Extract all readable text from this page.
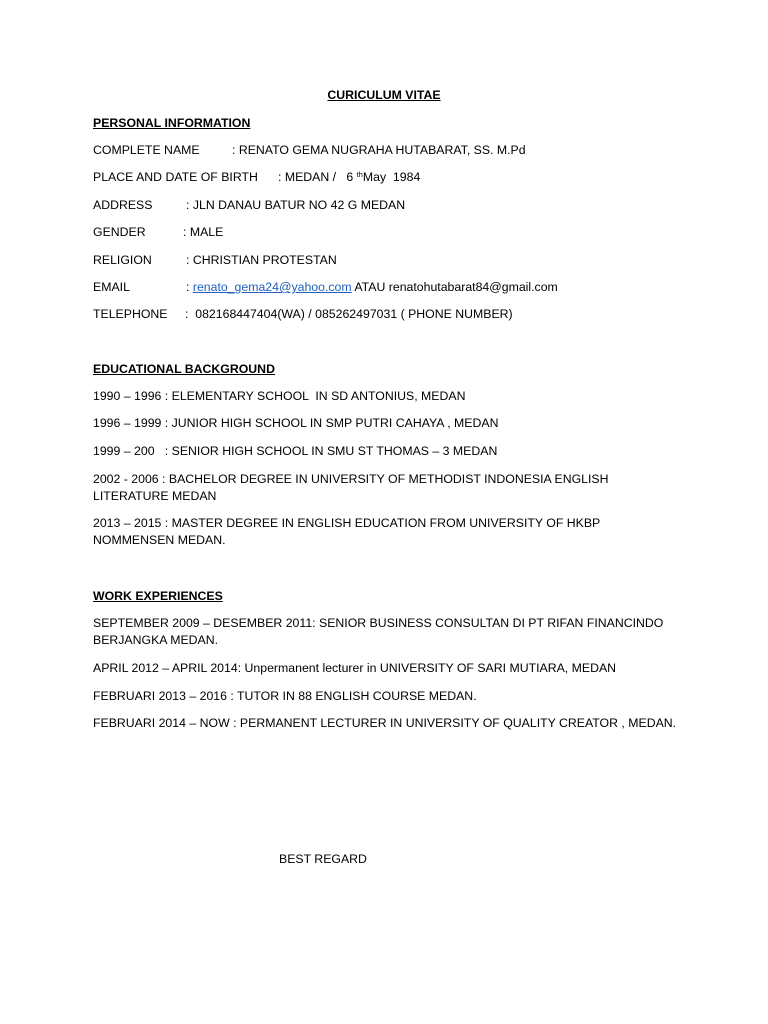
CURICULUM VITAE
PERSONAL INFORMATION
COMPLETE NAME	: RENATO GEMA NUGRAHA HUTABARAT, SS. M.Pd
PLACE AND DATE OF BIRTH : MEDAN /   6 $^{th}$May  1984
ADDRESS	: JLN DANAU BATUR NO 42 G MEDAN
GENDER	: MALE
RELIGION	: CHRISTIAN PROTESTAN
EMAIL	: renato_gema24@yahoo.com ATAU renatohutabarat84@gmail.com
TELEPHONE :  082168447404(WA) / 085262497031 ( PHONE NUMBER)
EDUCATIONAL BACKGROUND
1990 – 1996 : ELEMENTARY SCHOOL  IN SD ANTONIUS, MEDAN
1996 – 1999 : JUNIOR HIGH SCHOOL IN SMP PUTRI CAHAYA , MEDAN
1999 – 200   : SENIOR HIGH SCHOOL IN SMU ST THOMAS – 3 MEDAN
2002 - 2006 : BACHELOR DEGREE IN UNIVERSITY OF METHODIST INDONESIA ENGLISH LITERATURE MEDAN
2013 – 2015 : MASTER DEGREE IN ENGLISH EDUCATION FROM UNIVERSITY OF HKBP NOMMENSEN MEDAN.
WORK EXPERIENCES
SEPTEMBER 2009 – DESEMBER 2011: SENIOR BUSINESS CONSULTAN DI PT RIFAN FINANCINDO BERJANGKA MEDAN.
APRIL 2012 – APRIL 2014: Unpermanent lecturer in UNIVERSITY OF SARI MUTIARA, MEDAN
FEBRUARI 2013 – 2016 : TUTOR IN 88 ENGLISH COURSE MEDAN.
FEBRUARI 2014 – NOW : PERMANENT LECTURER IN UNIVERSITY OF QUALITY CREATOR , MEDAN.
BEST REGARD
